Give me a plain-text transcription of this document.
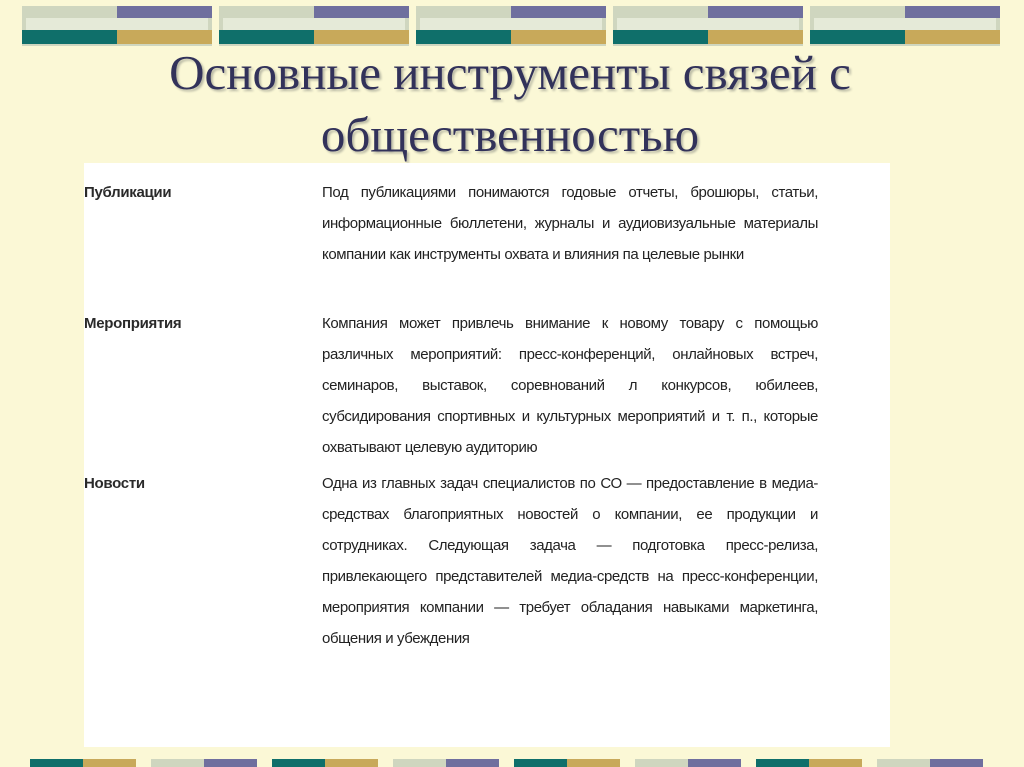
Основные инструменты связей с общественностью
Публикации	Под публикациями понимаются годовые отчеты, брошюры, статьи, информационные бюллетени, журналы и аудиовизуальные материалы компании как инструменты охвата и влияния па целевые рынки
Мероприятия	Компания может привлечь внимание к новому товару с помощью различных мероприятий: пресс-конференций, онлайновых встреч, семинаров, выставок, соревнований л конкурсов, юбилеев, субсидирования спортивных и культурных мероприятий и т. п., которые охватывают целевую аудиторию
Новости	Одна из главных задач специалистов по СО — предоставление в медиа-средствах благоприятных новостей о компании, ее продукции и сотрудниках. Следующая задача — подготовка пресс-релиза, привлекающего представителей медиа-средств на пресс-конференции, мероприятия компании — требует обладания навыками маркетинга, общения и убеждения
